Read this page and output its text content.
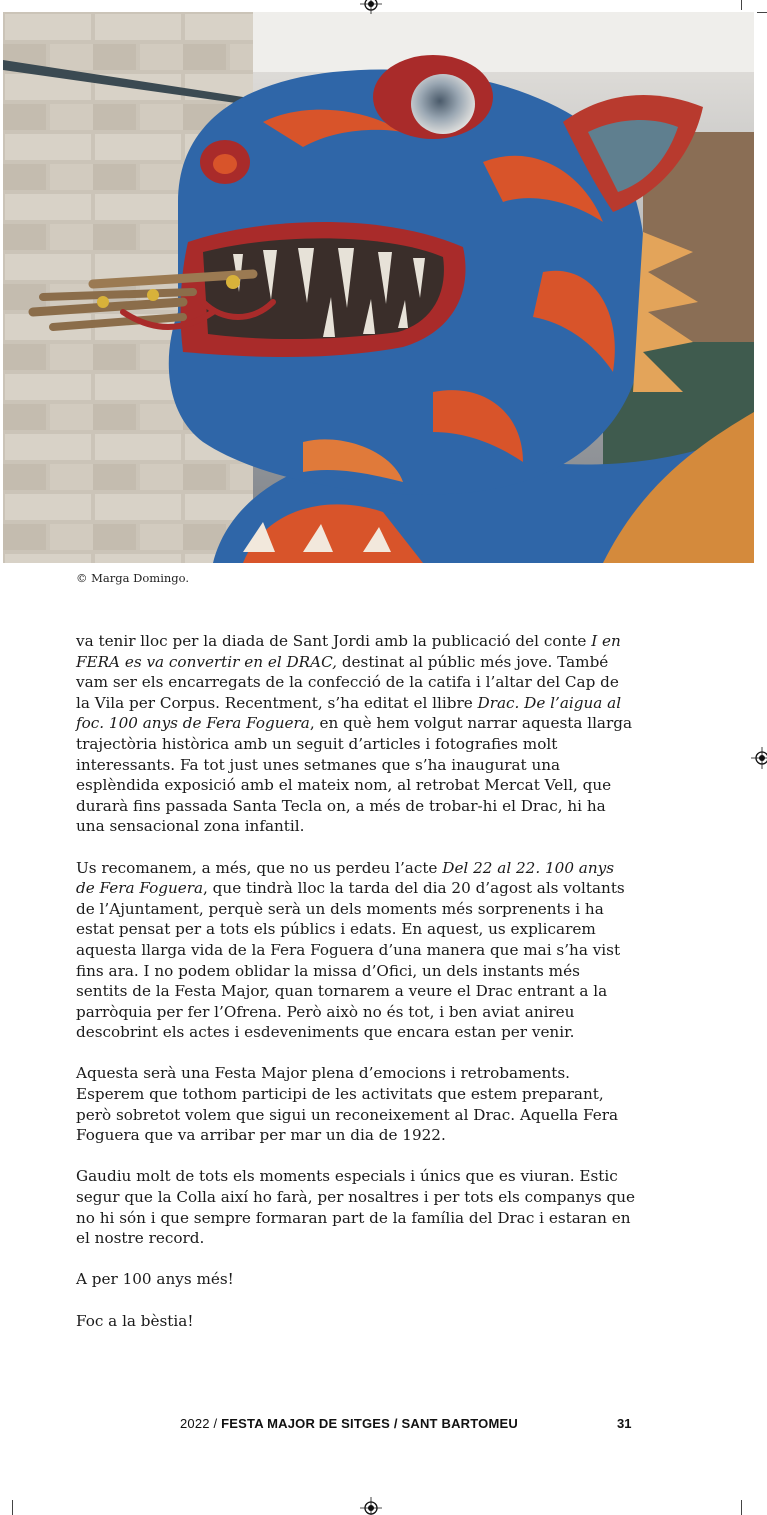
© Marga Domingo.

va tenir lloc per la diada de Sant Jordi amb la publicació del conte I en FERA es va convertir en el DRAC, destinat al públic més jove. També vam ser els encarregats de la confecció de la catifa i l’altar del Cap de la Vila per Corpus. Recentment, s’ha editat el llibre Drac. De l’aigua al foc. 100 anys de Fera Foguera, en què hem volgut narrar aquesta llarga trajectòria històrica amb un seguit d’articles i fotografies molt interessants. Fa tot just unes setmanes que s’ha inaugurat una esplèndida exposició amb el mateix nom, al retrobat Mercat Vell, que durarà fins passada Santa Tecla on, a més de trobar-hi el Drac, hi ha una sensacional zona infantil.

Us recomanem, a més, que no us perdeu l’acte Del 22 al 22. 100 anys de Fera Foguera, que tindrà lloc la tarda del dia 20 d’agost als voltants de l’Ajuntament, perquè serà un dels moments més sorprenents i ha estat pensat per a tots els públics i edats. En aquest, us explicarem aquesta llarga vida de la Fera Foguera d’una manera que mai s’ha vist fins ara. I no podem oblidar la missa d’Ofici, un dels instants més sentits de la Festa Major, quan tornarem a veure el Drac entrant a la parròquia per fer l’Ofrena. Però això no és tot, i ben aviat anireu descobrint els actes i esdeveniments que encara estan per venir.

Aquesta serà una Festa Major plena d’emocions i retrobaments. Esperem que tothom participi de les activitats que estem preparant, però sobretot volem que sigui un reconeixement al Drac. Aquella Fera Foguera que va arribar per mar un dia de 1922.

Gaudiu molt de tots els moments especials i únics que es viuran. Estic segur que la Colla així ho farà, per nosaltres i per tots els companys que no hi són i que sempre formaran part de la família del Drac i estaran en el nostre record.

A per 100 anys més!

Foc a la bèstia!

2022 / FESTA MAJOR DE SITGES / SANT BARTOMEU	31
